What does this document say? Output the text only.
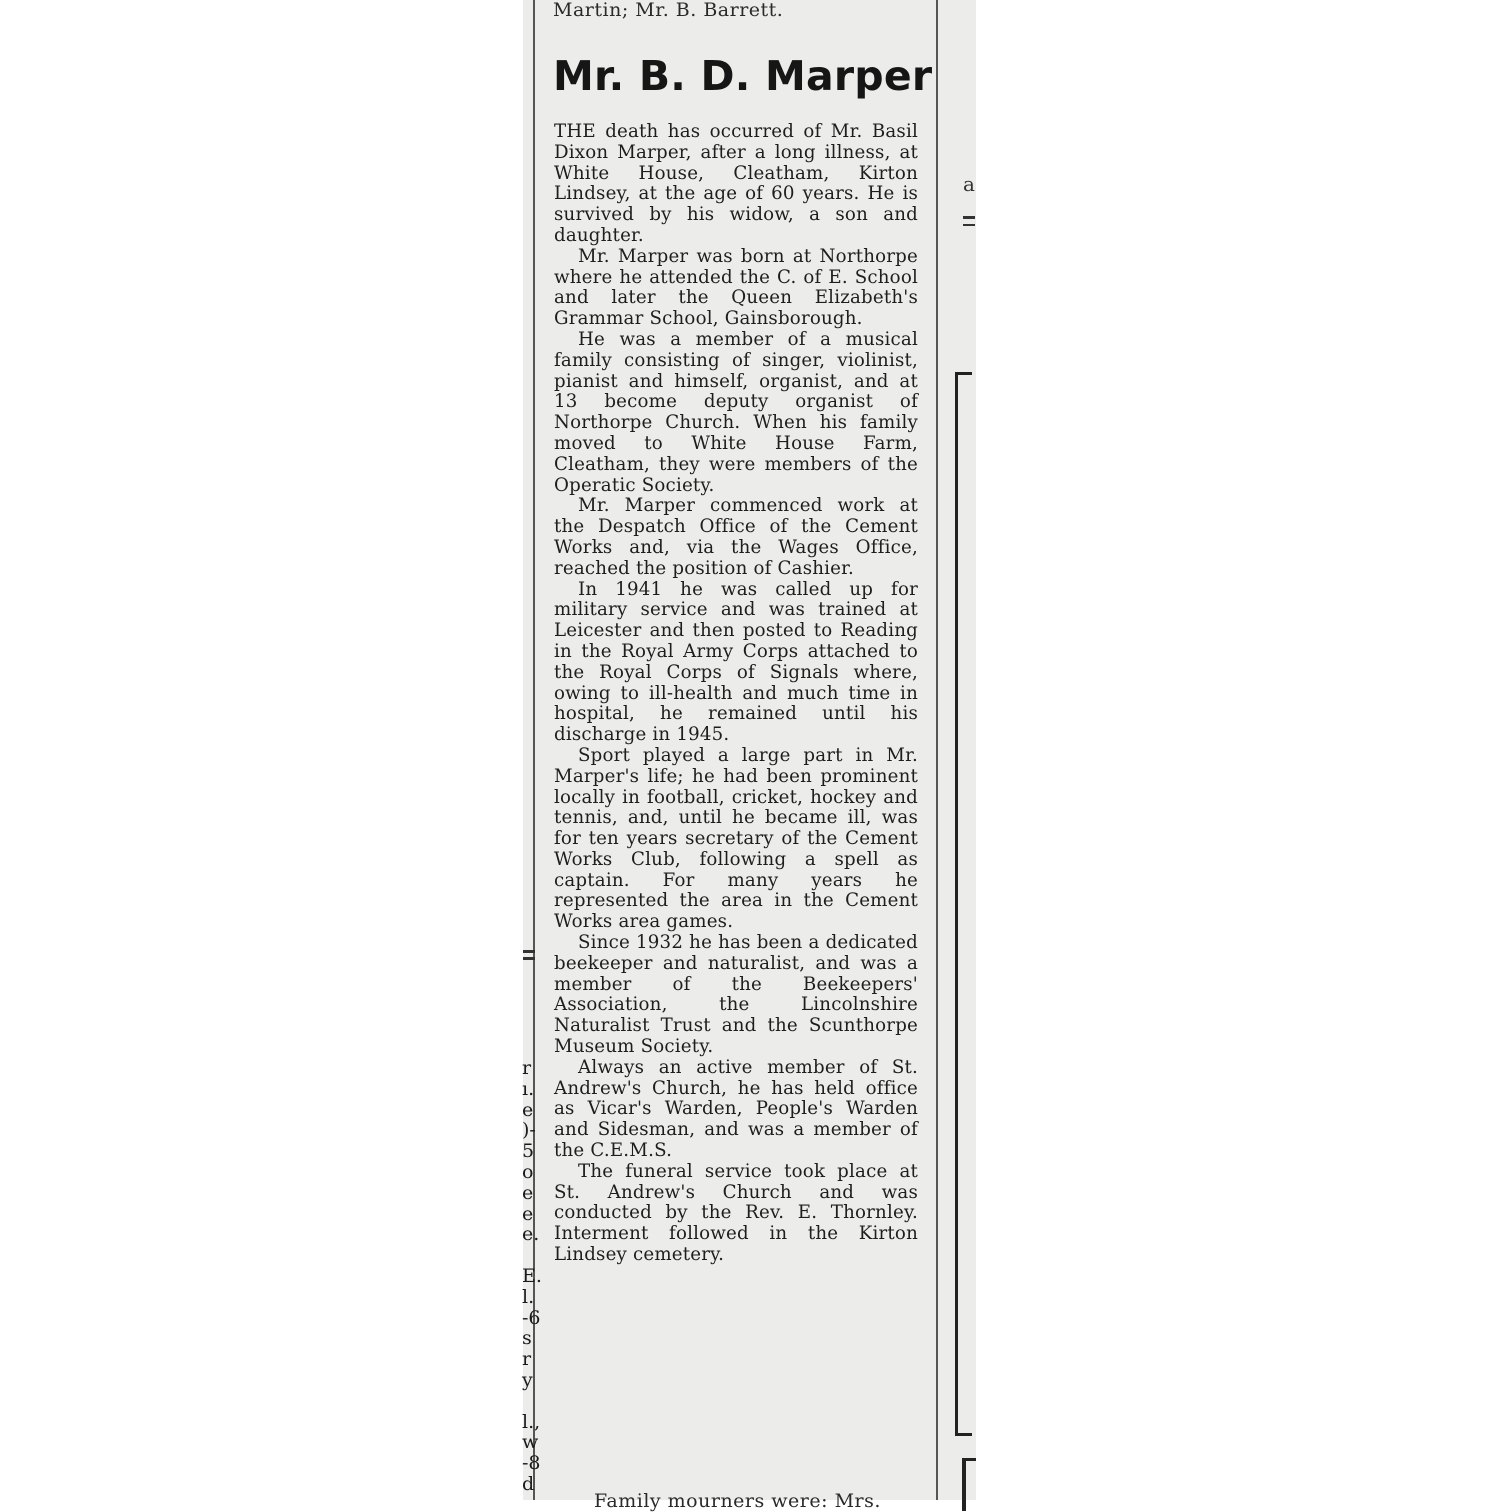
a
r
ı.
e
)-
5
o
e
e
e.

E.
l.
-6
s
r
y

l.,
w
-8
d
Martin; Mr. B. Barrett.
Mr. B. D. Marper

THE death has occurred of Mr. Basil Dixon Marper, after a long illness, at White House, Cleatham, Kirton Lindsey, at the age of 60 years. He is survived by his widow, a son and daughter.

Mr. Marper was born at Northorpe where he attended the C. of E. School and later the Queen Elizabeth's Grammar School, Gainsborough.

He was a member of a musical family consisting of singer, violinist, pianist and himself, organist, and at 13 become deputy organist of Northorpe Church. When his family moved to White House Farm, Cleatham, they were members of the Operatic Society.

Mr. Marper commenced work at the Despatch Office of the Cement Works and, via the Wages Office, reached the position of Cashier.

In 1941 he was called up for military service and was trained at Leicester and then posted to Reading in the Royal Army Corps attached to the Royal Corps of Signals where, owing to ill-health and much time in hospital, he remained until his discharge in 1945.

Sport played a large part in Mr. Marper's life; he had been prominent locally in football, cricket, hockey and tennis, and, until he became ill, was for ten years secretary of the Cement Works Club, following a spell as captain. For many years he represented the area in the Cement Works area games.

Since 1932 he has been a dedicated beekeeper and naturalist, and was a member of the Beekeepers' Association, the Lincolnshire Naturalist Trust and the Scunthorpe Museum Society.

Always an active member of St. Andrew's Church, he has held office as Vicar's Warden, People's Warden and Sidesman, and was a member of the C.E.M.S.

The funeral service took place at St. Andrew's Church and was conducted by the Rev. E. Thornley. Interment followed in the Kirton Lindsey cemetery.

Family mourners were: Mrs.
